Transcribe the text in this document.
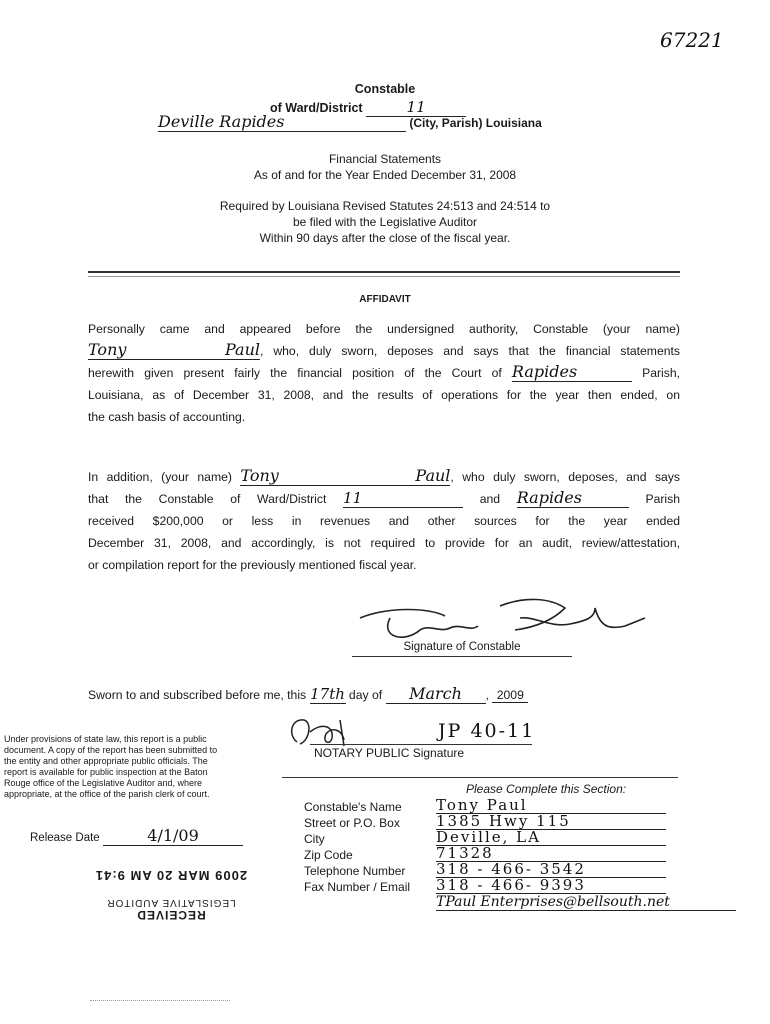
67221
Constable
of Ward/District	11
Deville Rapides	(City, Parish) Louisiana
Financial Statements
As of and for the Year Ended December 31, 2008
Required by Louisiana Revised Statutes 24:513 and 24:514 to
be filed with the Legislative Auditor
Within 90 days after the close of the fiscal year.
AFFIDAVIT
Personally came and appeared before the undersigned authority, Constable (your name)
Tony Paul, who, duly sworn, deposes and says that the financial statements
herewith given present fairly the financial position of the Court of Rapides	Parish,
Louisiana, as of December 31, 2008, and the results of operations for the year then ended, on
the cash basis of accounting.
In addition, (your name) Tony Paul, who duly sworn, deposes, and says
that the Constable of Ward/District 11	and Rapides	Parish
received $200,000 or less in revenues and other sources for the year ended
December 31, 2008, and accordingly, is not required to provide for an audit, review/attestation,
or compilation report for the previously mentioned fiscal year.
Signature of Constable
Sworn to and subscribed before me, this 17th day of March , 2009
JP 40-11
NOTARY PUBLIC Signature
Under provisions of state law, this report is a public
document. A copy of the report has been submitted to
the entity and other appropriate public officials. The
report is available for public inspection at the Baton
Rouge office of the Legislative Auditor and, where
appropriate, at the office of the parish clerk of court.
Release Date	4/1/09
Please Complete this Section:
Constable's Name Tony Paul
Street or P.O. Box 1385 Hwy 115
City	Deville, LA
Zip Code	71328
Telephone Number 318 - 466- 3542
Fax Number / Email 318 - 466- 9393
TPaul Enterprises@bellsouth.net
RECEIVED
LEGISLATIVE AUDITOR
2009 MAR 20 AM 9:41
